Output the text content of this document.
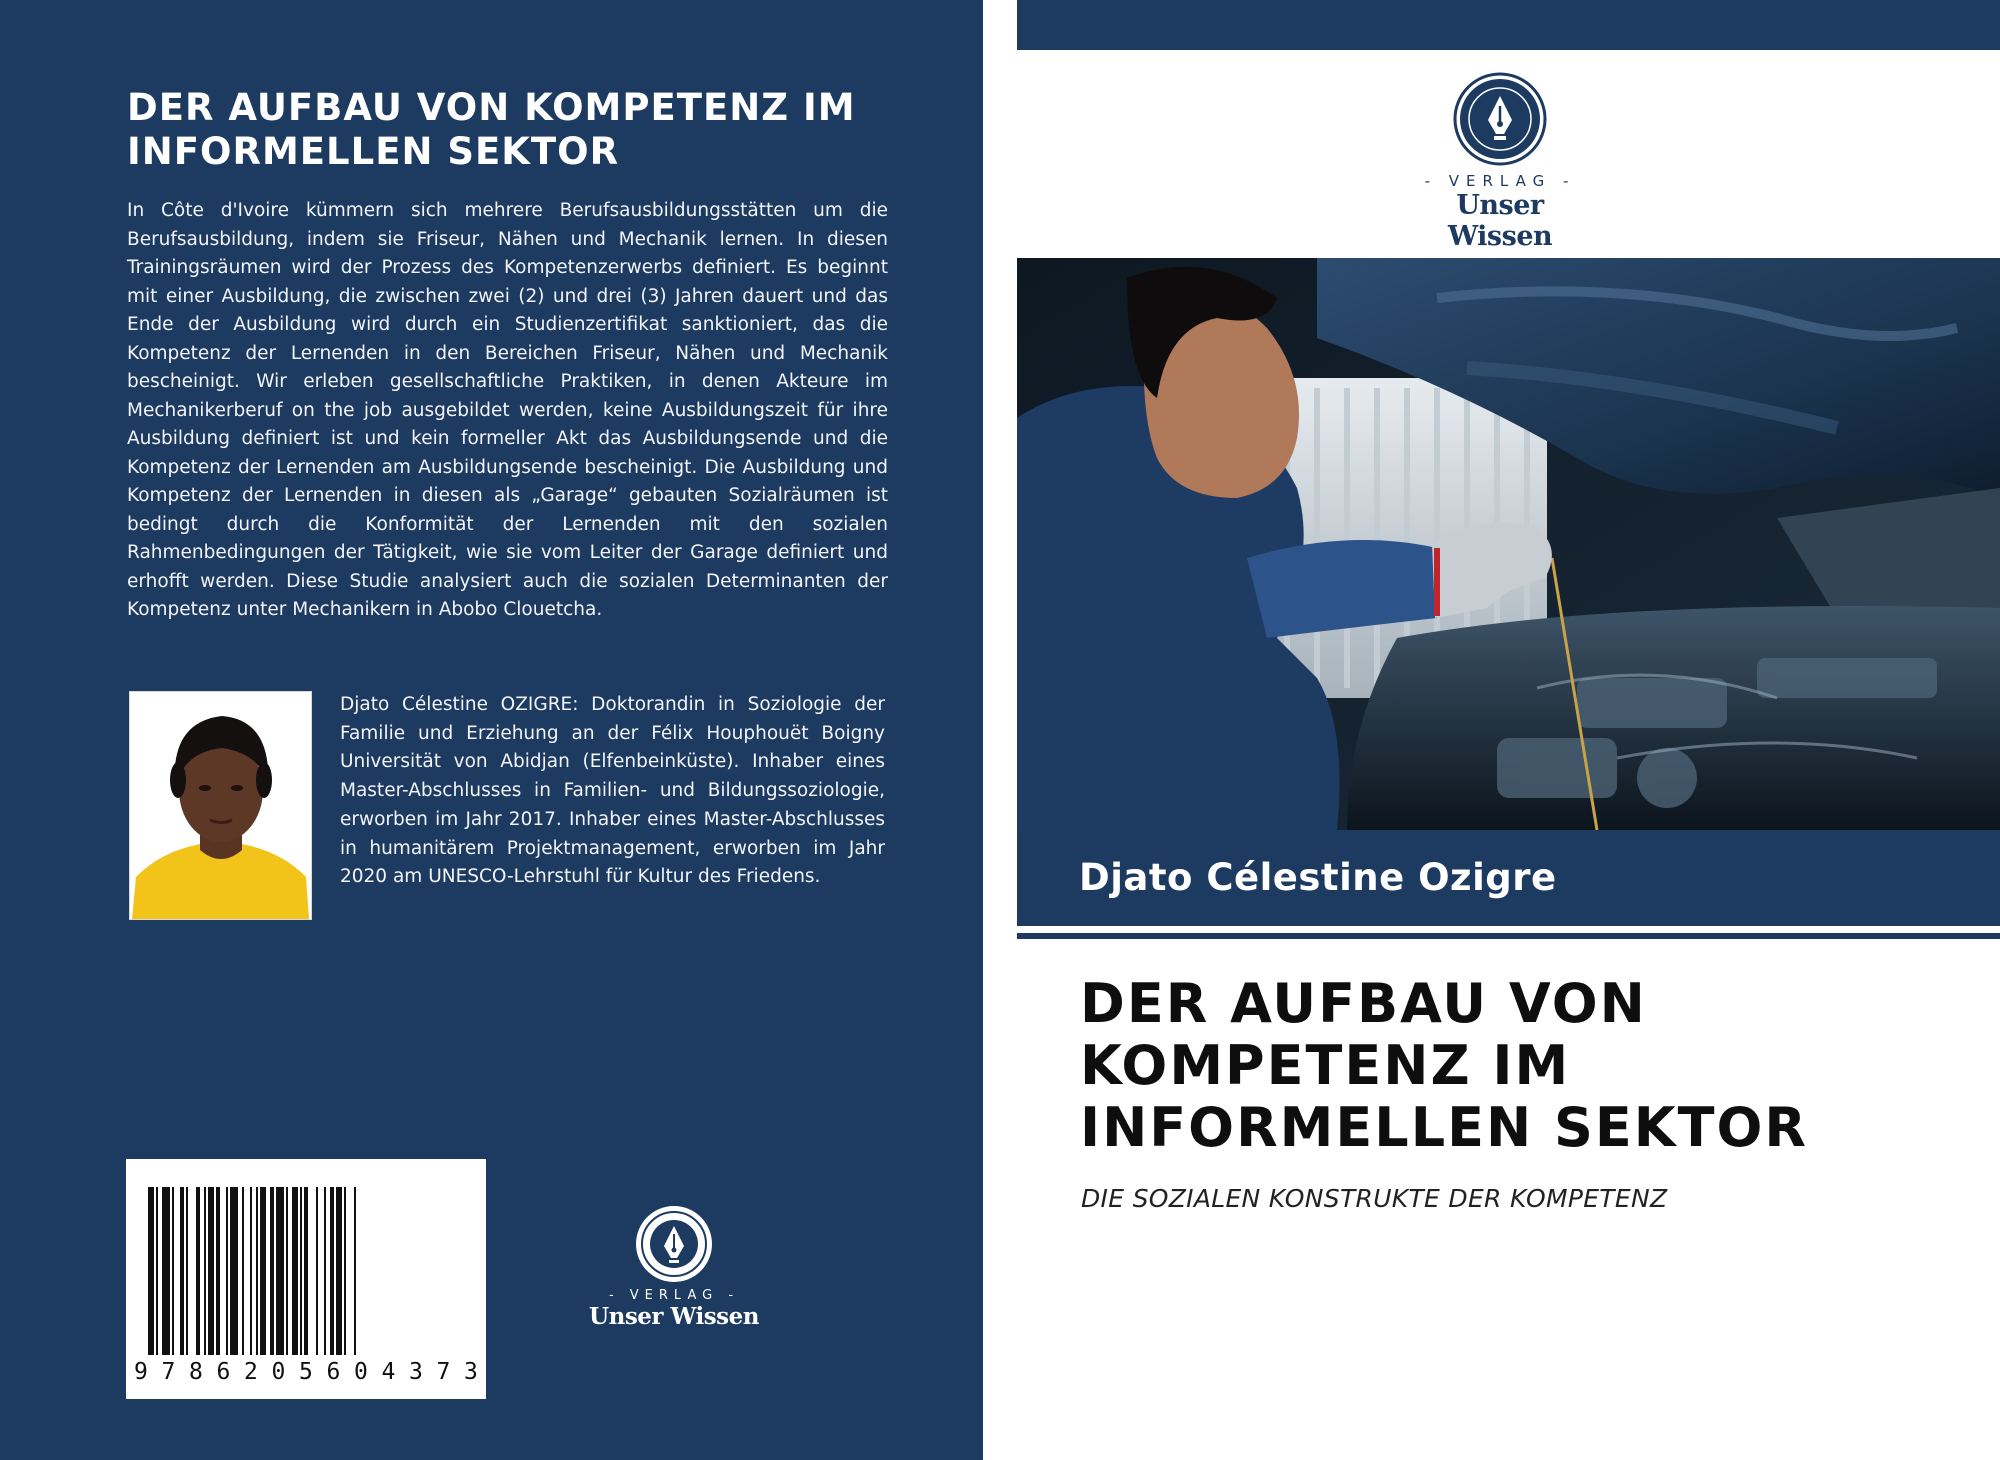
DER AUFBAU VON KOMPETENZ IM
INFORMELLEN SEKTOR

In Côte d'Ivoire kümmern sich mehrere Berufsausbildungsstätten um die Berufsausbildung, indem sie Friseur, Nähen und Mechanik lernen. In diesen Trainingsräumen wird der Prozess des Kompetenzerwerbs definiert. Es beginnt mit einer Ausbildung, die zwischen zwei (2) und drei (3) Jahren dauert und das Ende der Ausbildung wird durch ein Studienzertifikat sanktioniert, das die Kompetenz der Lernenden in den Bereichen Friseur, Nähen und Mechanik bescheinigt. Wir erleben gesellschaftliche Praktiken, in denen Akteure im Mechanikerberuf on the job ausgebildet werden, keine Ausbildungszeit für ihre Ausbildung definiert ist und kein formeller Akt das Ausbildungsende und die Kompetenz der Lernenden am Ausbildungsende bescheinigt. Die Ausbildung und Kompetenz der Lernenden in diesen als „Garage“ gebauten Sozialräumen ist bedingt durch die Konformität der Lernenden mit den sozialen Rahmenbedingungen der Tätigkeit, wie sie vom Leiter der Garage definiert und erhofft werden. Diese Studie analysiert auch die sozialen Determinanten der Kompetenz unter Mechanikern in Abobo Clouetcha.

Djato Célestine OZIGRE: Doktorandin in Soziologie der Familie und Erziehung an der Félix Houphouët Boigny Universität von Abidjan (Elfenbeinküste). Inhaber eines Master-Abschlusses in Familien- und Bildungssoziologie, erworben im Jahr 2017. Inhaber eines Master-Abschlusses in humanitärem Projektmanagement, erworben im Jahr 2020 am UNESCO-Lehrstuhl für Kultur des Friedens.

9 7 8 6 2 0 5 6 0 4 3 7 3
- VERLAG -
Unser Wissen
- VERLAG -
Unser Wissen
Djato Célestine Ozigre
DER AUFBAU VON
KOMPETENZ IM
INFORMELLEN SEKTOR
DIE SOZIALEN KONSTRUKTE DER KOMPETENZ
